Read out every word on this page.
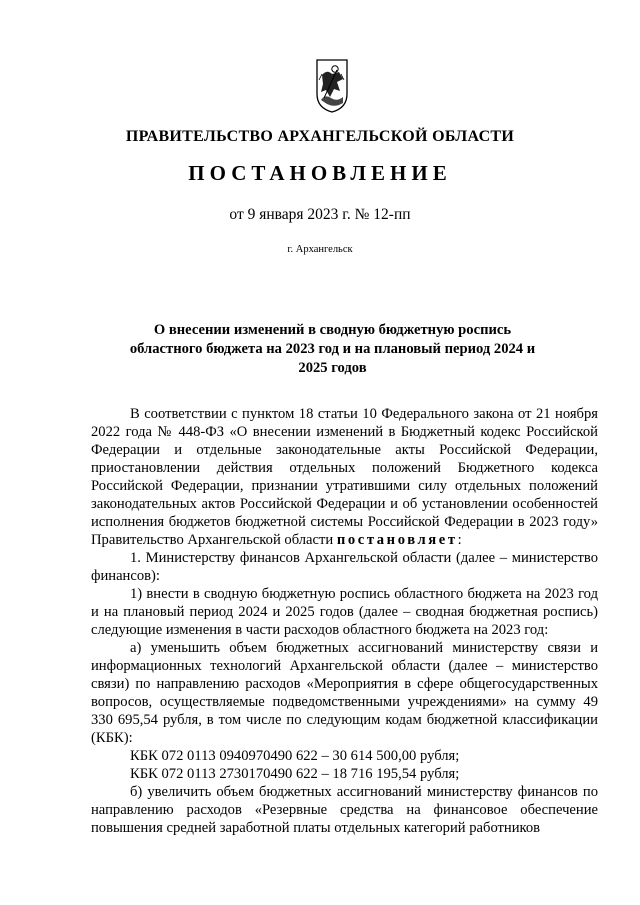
ПРАВИТЕЛЬСТВО АРХАНГЕЛЬСКОЙ ОБЛАСТИ
ПОСТАНОВЛЕНИЕ
от 9 января 2023 г. № 12-пп
г. Архангельск
О внесении изменений в сводную бюджетную роспись областного бюджета на 2023 год и на плановый период 2024 и 2025 годов

В соответствии с пунктом 18 статьи 10 Федерального закона от 21 ноября 2022 года № 448-ФЗ «О внесении изменений в Бюджетный кодекс Российской Федерации и отдельные законодательные акты Российской Федерации, приостановлении действия отдельных положений Бюджетного кодекса Российской Федерации, признании утратившими силу отдельных положений законодательных актов Российской Федерации и об установлении особенностей исполнения бюджетов бюджетной системы Российской Федерации в 2023 году» Правительство Архангельской области постановляет:

1. Министерству финансов Архангельской области (далее – министерство финансов):

1) внести в сводную бюджетную роспись областного бюджета на 2023 год и на плановый период 2024 и 2025 годов (далее – сводная бюджетная роспись) следующие изменения в части расходов областного бюджета на 2023 год:

а) уменьшить объем бюджетных ассигнований министерству связи и информационных технологий Архангельской области (далее – министерство связи) по направлению расходов «Мероприятия в сфере общегосударственных вопросов, осуществляемые подведомственными учреждениями» на сумму 49 330 695,54 рубля, в том числе по следующим кодам бюджетной классификации (КБК):

КБК 072 0113 0940970490 622 – 30 614 500,00 рубля;

КБК 072 0113 2730170490 622 – 18 716 195,54 рубля;

б) увеличить объем бюджетных ассигнований министерству финансов по направлению расходов «Резервные средства на финансовое обеспечение повышения средней заработной платы отдельных категорий работников
